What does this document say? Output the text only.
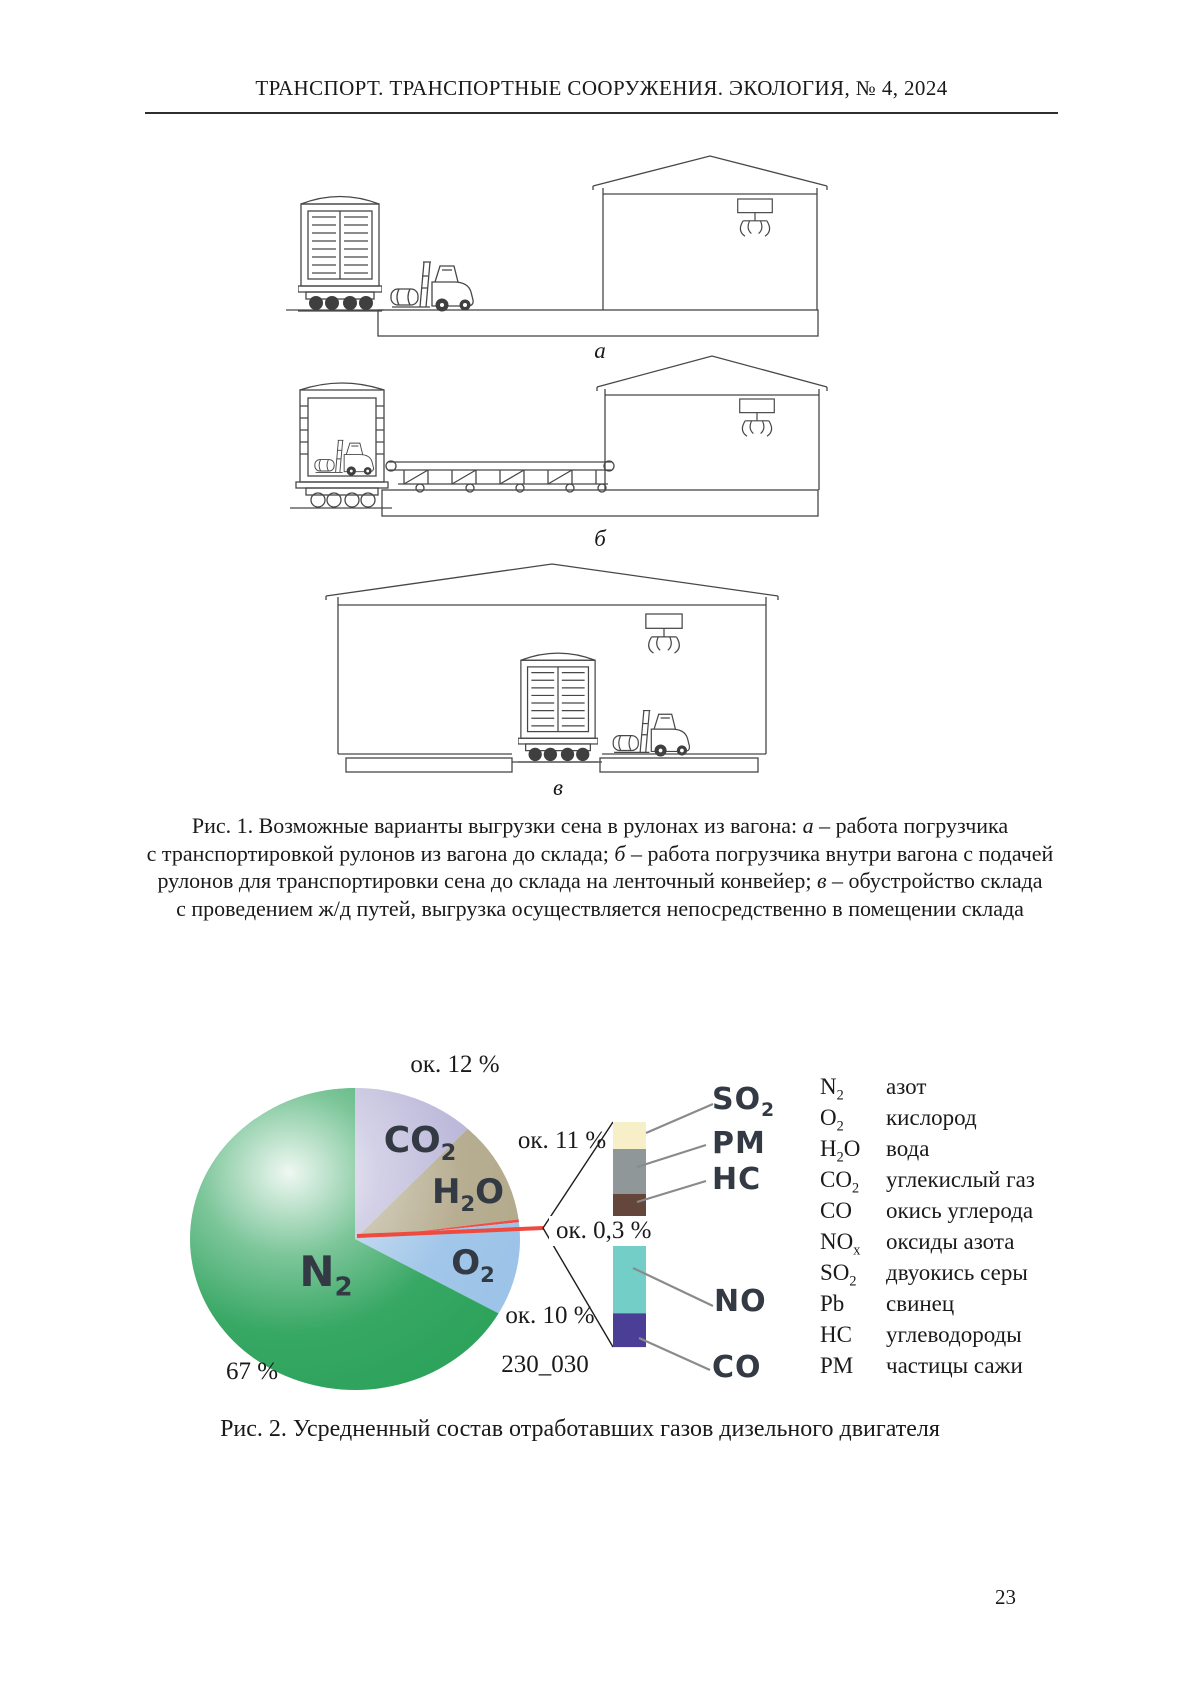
ТРАНСПОРТ. ТРАНСПОРТНЫЕ СООРУЖЕНИЯ. ЭКОЛОГИЯ, № 4, 2024
а
б
в
Рис. 1. Возможные варианты выгрузки сена в рулонах из вагона: а – работа погрузчика
с транспортировкой рулонов из вагона до склада; б – работа погрузчика внутри вагона с подачей
рулонов для транспортировки сена до склада на ленточный конвейер; в – обустройство склада
с проведением ж/д путей, выгрузка осуществляется непосредственно в помещении склада
ок. 12 %
ок. 11 %
ок. 0,3 %
ок. 10 %
67 %	230_030
$CO_2$
$H_2O$
$O_2$
$N_2$
$SO_2$
PM
HC
NO
CO
$N_2$ азот
$O_2$ кислород
$H_2O$ вода
$CO_2$ углекислый газ
CO окись углерода
$NO_x$ оксиды азота
$SO_2$ двуокись серы
Pb свинец
HC углеводороды
PM частицы сажи
Рис. 2. Усредненный состав отработавших газов дизельного двигателя
23
